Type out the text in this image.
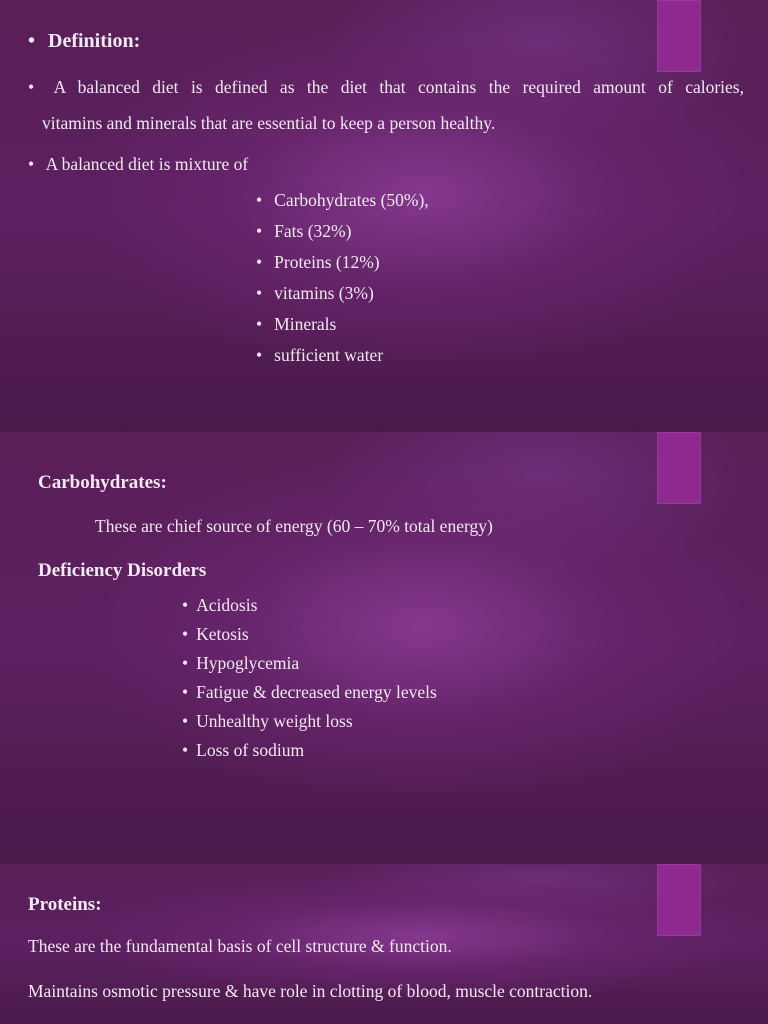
• Definition:
• A balanced diet is defined as the diet that contains the required amount of calories,
vitamins and minerals that are essential to keep a person healthy.
• A balanced diet is mixture of
• Carbohydrates (50%),
• Fats (32%)
• Proteins (12%)
• vitamins (3%)
• Minerals
• sufficient water
Carbohydrates:
These are chief source of energy (60 – 70% total energy)
Deficiency Disorders
• Acidosis
• Ketosis
• Hypoglycemia
• Fatigue & decreased energy levels
• Unhealthy weight loss
• Loss of sodium
Proteins:
These are the fundamental basis of cell structure & function.
Maintains osmotic pressure & have role in clotting of blood, muscle contraction.
